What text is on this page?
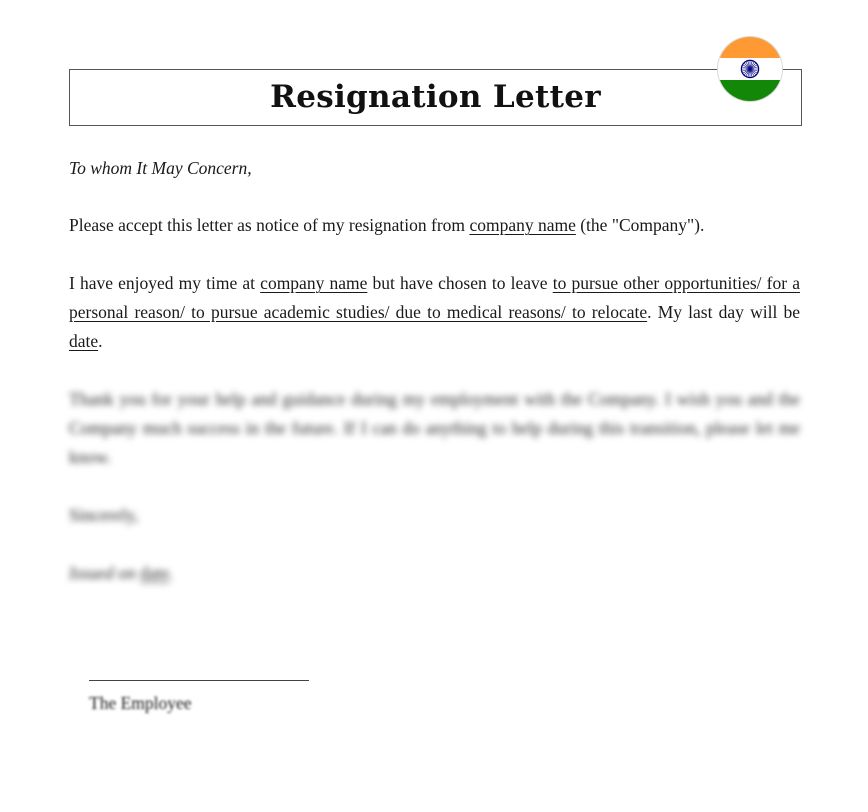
Resignation Letter

To whom It May Concern,

Please accept this letter as notice of my resignation from company name (the "Company").

I have enjoyed my time at company name but have chosen to leave to pursue other opportunities/ for a personal reason/ to pursue academic studies/ due to medical reasons/ to relocate. My last day will be date.

Thank you for your help and guidance during my employment with the Company. I wish you and the Company much success in the future. If I can do anything to help during this transition, please let me know.

Sincerely,

Issued on date.

The Employee
